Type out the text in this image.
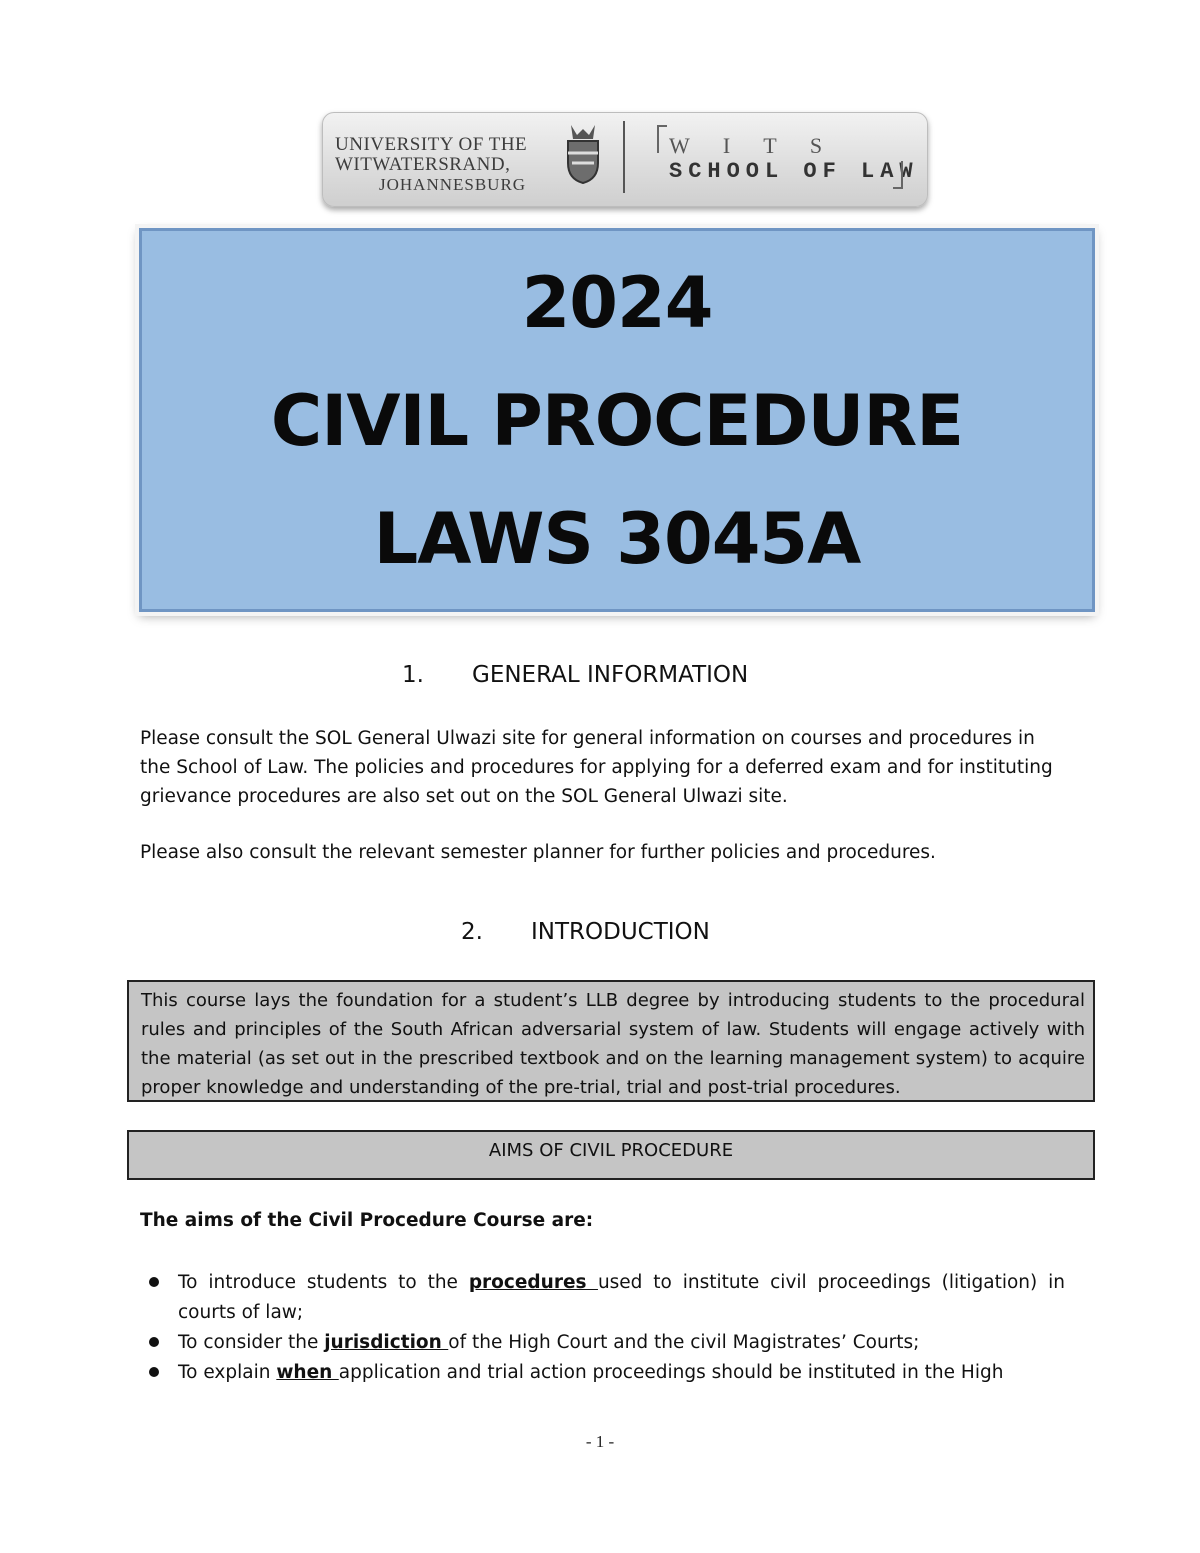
UNIVERSITY OF THE
WITWATERSRAND,
JOHANNESBURG
W I T S
SCHOOL OF LAW
2024
CIVIL PROCEDURE
LAWS 3045A
1. GENERAL INFORMATION
Please consult the SOL General Ulwazi site for general information on courses and procedures in the School of Law. The policies and procedures for applying for a deferred exam and for instituting grievance procedures are also set out on the SOL General Ulwazi site.
Please also consult the relevant semester planner for further policies and procedures.
2. INTRODUCTION
This course lays the foundation for a student’s LLB degree by introducing students to the procedural rules and principles of the South African adversarial system of law. Students will engage actively with the material (as set out in the prescribed textbook and on the learning management system) to acquire proper knowledge and understanding of the pre-trial, trial and post-trial procedures.
AIMS OF CIVIL PROCEDURE
The aims of the Civil Procedure Course are:
To introduce students to the procedures used to institute civil proceedings (litigation) in courts of law;
To consider the jurisdiction of the High Court and the civil Magistrates’ Courts;
To explain when application and trial action proceedings should be instituted in the High
- 1 -
